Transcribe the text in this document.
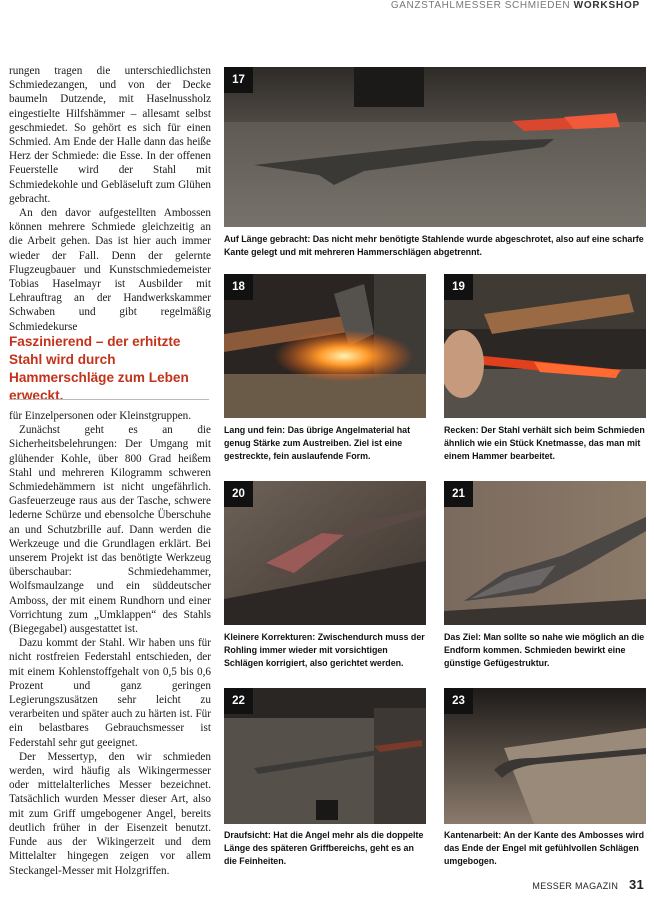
GANZSTAHLMESSER SCHMIEDEN WORKSHOP

rungen tragen die unterschiedlichsten Schmiedezangen, und von der Decke baumeln Dutzende, mit Haselnussholz eingestielte Hilfshämmer – allesamt selbst geschmiedet. So gehört es sich für einen Schmied. Am Ende der Halle dann das heiße Herz der Schmiede: die Esse. In der offenen Feuerstelle wird der Stahl mit Schmiedekohle und Gebläseluft zum Glühen gebracht.

An den davor aufgestellten Ambossen können mehrere Schmiede gleichzeitig an die Arbeit gehen. Das ist hier auch immer wieder der Fall. Denn der gelernte Flugzeugbauer und Kunstschmiedemeister Tobias Haselmayr ist Ausbilder mit Lehrauftrag an der Handwerkskammer Schwaben und gibt regelmäßig Schmiedekurse

Faszinierend – der erhitzte Stahl wird durch Hammerschläge zum Leben erweckt.

für Einzelpersonen oder Kleinstgruppen.

Zunächst geht es an die Sicherheitsbelehrungen: Der Umgang mit glühender Kohle, über 800 Grad heißem Stahl und mehreren Kilogramm schweren Schmiedehämmern ist nicht ungefährlich. Gasfeuerzeuge raus aus der Tasche, schwere lederne Schürze und ebensolche Überschuhe an und Schutzbrille auf. Dann werden die Werkzeuge und die Grundlagen erklärt. Bei unserem Projekt ist das benötigte Werkzeug überschaubar: Schmiedehammer, Wolfsmaulzange und ein süddeutscher Amboss, der mit einem Rundhorn und einer Vorrichtung zum „Umklappen“ des Stahls (Biegegabel) ausgestattet ist.

Dazu kommt der Stahl. Wir haben uns für nicht rostfreien Federstahl entschieden, der mit einem Kohlenstoffgehalt von 0,5 bis 0,6 Prozent und ganz geringen Legierungszusätzen sehr leicht zu verarbeiten und später auch zu härten ist. Für ein belastbares Gebrauchsmesser ist Federstahl sehr gut geeignet.

Der Messertyp, den wir schmieden werden, wird häufig als Wikingermesser oder mittelalterliches Messer bezeichnet. Tatsächlich wurden Messer dieser Art, also mit zum Griff umgebogener Angel, bereits deutlich früher in der Eisenzeit benutzt. Funde aus der Wikingerzeit und dem Mittelalter hingegen zeigen vor allem Steckangel-Messer mit Holzgriffen.

17
Auf Länge gebracht: Das nicht mehr benötigte Stahlende wurde abgeschrotet, also auf eine scharfe Kante gelegt und mit mehreren Hammerschlägen abgetrennt.
18
Lang und fein: Das übrige Angelmaterial hat genug Stärke zum Austreiben. Ziel ist eine gestreckte, fein auslaufende Form.
19
Recken: Der Stahl verhält sich beim Schmieden ähnlich wie ein Stück Knetmasse, das man mit einem Hammer bearbeitet.
20
Kleinere Korrekturen: Zwischendurch muss der Rohling immer wieder mit vorsichtigen Schlägen korrigiert, also gerichtet werden.
21
Das Ziel: Man sollte so nahe wie möglich an die Endform kommen. Schmieden bewirkt eine günstige Gefügestruktur.
22
Draufsicht: Hat die Angel mehr als die doppelte Länge des späteren Griffbereichs, geht es an die Feinheiten.
23
Kantenarbeit: An der Kante des Ambosses wird das Ende der Engel mit gefühlvollen Schlägen umgebogen.
MESSER MAGAZIN 31
